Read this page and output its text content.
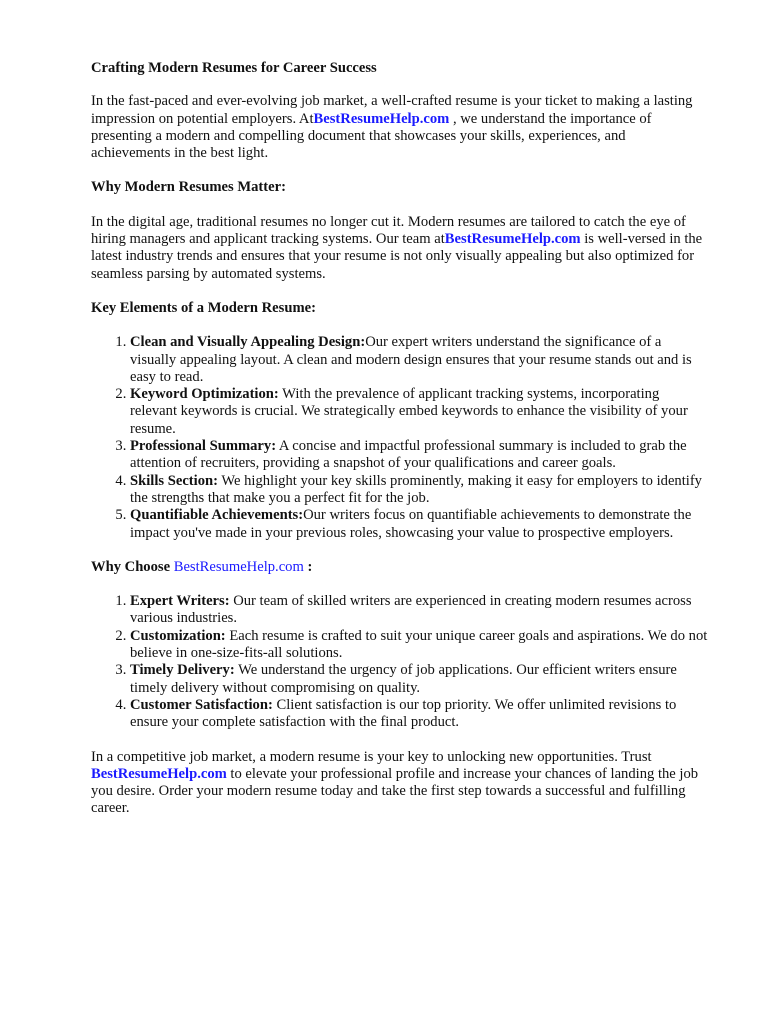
Crafting Modern Resumes for Career Success

In the fast-paced and ever-evolving job market, a well-crafted resume is your ticket to making a lasting impression on potential employers. AtBestResumeHelp.com , we understand the importance of presenting a modern and compelling document that showcases your skills, experiences, and achievements in the best light.

Why Modern Resumes Matter:

In the digital age, traditional resumes no longer cut it. Modern resumes are tailored to catch the eye of hiring managers and applicant tracking systems. Our team atBestResumeHelp.com is well-versed in the latest industry trends and ensures that your resume is not only visually appealing but also optimized for seamless parsing by automated systems.

Key Elements of a Modern Resume:
1. Clean and Visually Appealing Design:Our expert writers understand the significance of a visually appealing layout. A clean and modern design ensures that your resume stands out and is easy to read.
2. Keyword Optimization: With the prevalence of applicant tracking systems, incorporating relevant keywords is crucial. We strategically embed keywords to enhance the visibility of your resume.
3. Professional Summary: A concise and impactful professional summary is included to grab the attention of recruiters, providing a snapshot of your qualifications and career goals.
4. Skills Section: We highlight your key skills prominently, making it easy for employers to identify the strengths that make you a perfect fit for the job.
5. Quantifiable Achievements:Our writers focus on quantifiable achievements to demonstrate the impact you've made in your previous roles, showcasing your value to prospective employers.
Why Choose BestResumeHelp.com :
1. Expert Writers: Our team of skilled writers are experienced in creating modern resumes across various industries.
2. Customization: Each resume is crafted to suit your unique career goals and aspirations. We do not believe in one-size-fits-all solutions.
3. Timely Delivery: We understand the urgency of job applications. Our efficient writers ensure timely delivery without compromising on quality.
4. Customer Satisfaction: Client satisfaction is our top priority. We offer unlimited revisions to ensure your complete satisfaction with the final product.

In a competitive job market, a modern resume is your key to unlocking new opportunities. Trust BestResumeHelp.com to elevate your professional profile and increase your chances of landing the job you desire. Order your modern resume today and take the first step towards a successful and fulfilling career.
